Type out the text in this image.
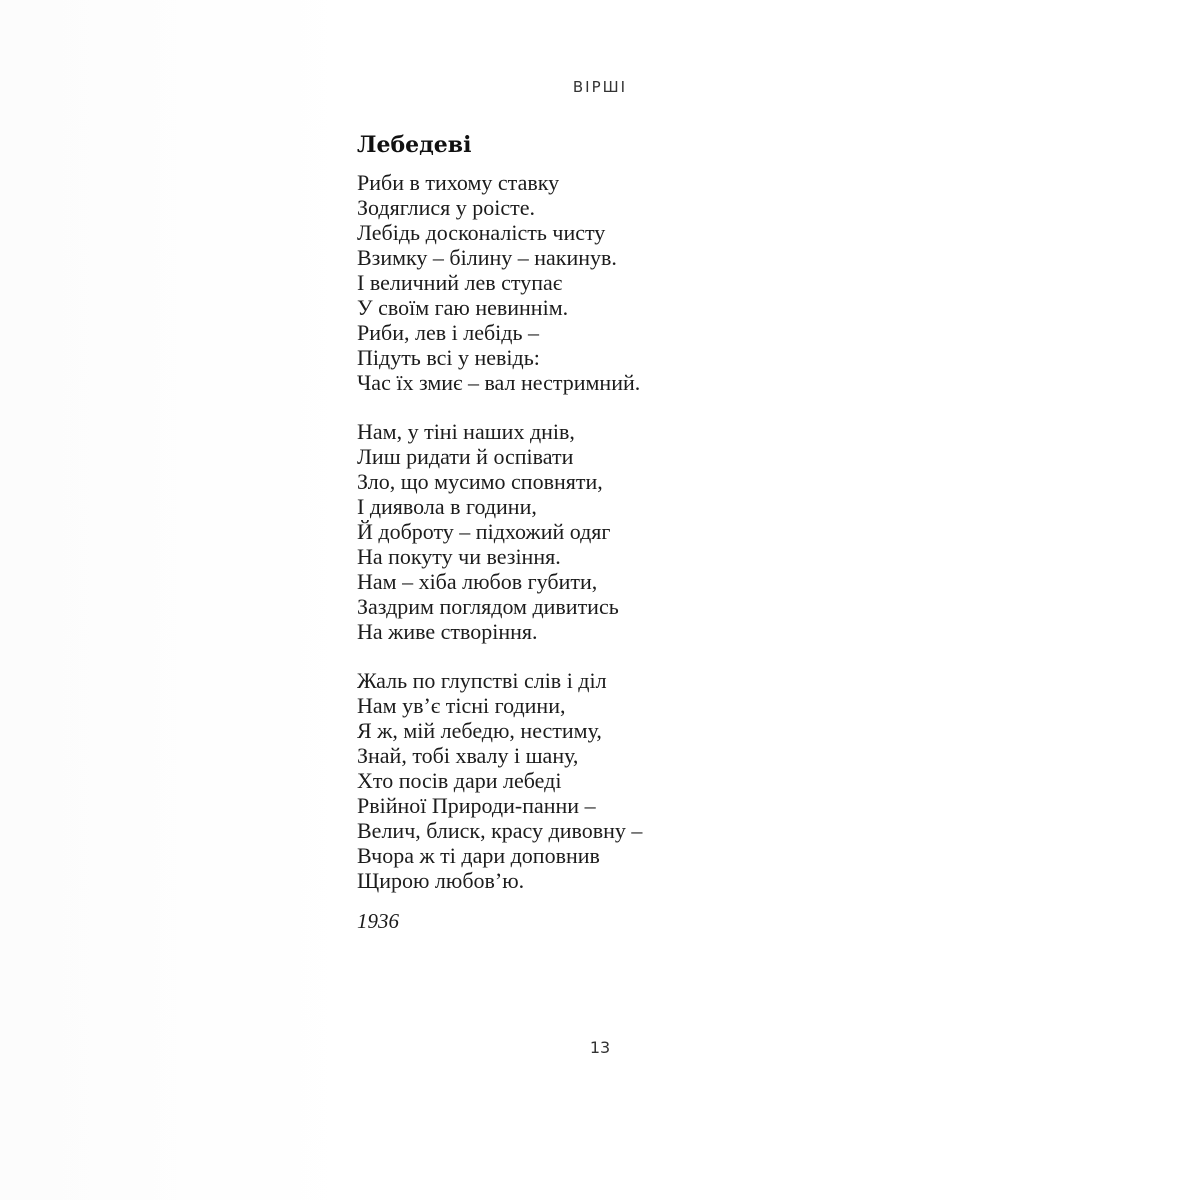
ВІРШІ
Лебедеві
Риби в тихому ставку
Зодяглися у роісте.
Лебідь досконалість чисту
Взимку – білину – накинув.
І величний лев ступає
У своїм гаю невиннім.
Риби, лев і лебідь –
Підуть всі у невідь:
Час їх змиє – вал нестримний.
Нам, у тіні наших днів,
Лиш ридати й оспівати
Зло, що мусимо сповняти,
І диявола в години,
Й доброту – підхожий одяг
На покуту чи везіння.
Нам – хіба любов губити,
Заздрим поглядом дивитись
На живе створіння.
Жаль по глупстві слів і діл
Нам ув’є тісні години,
Я ж, мій лебедю, нестиму,
Знай, тобі хвалу і шану,
Хто посів дари лебеді
Рвійної Природи-панни –
Велич, блиск, красу дивовну –
Вчора ж ті дари доповнив
Щирою любов’ю.
1936
13
